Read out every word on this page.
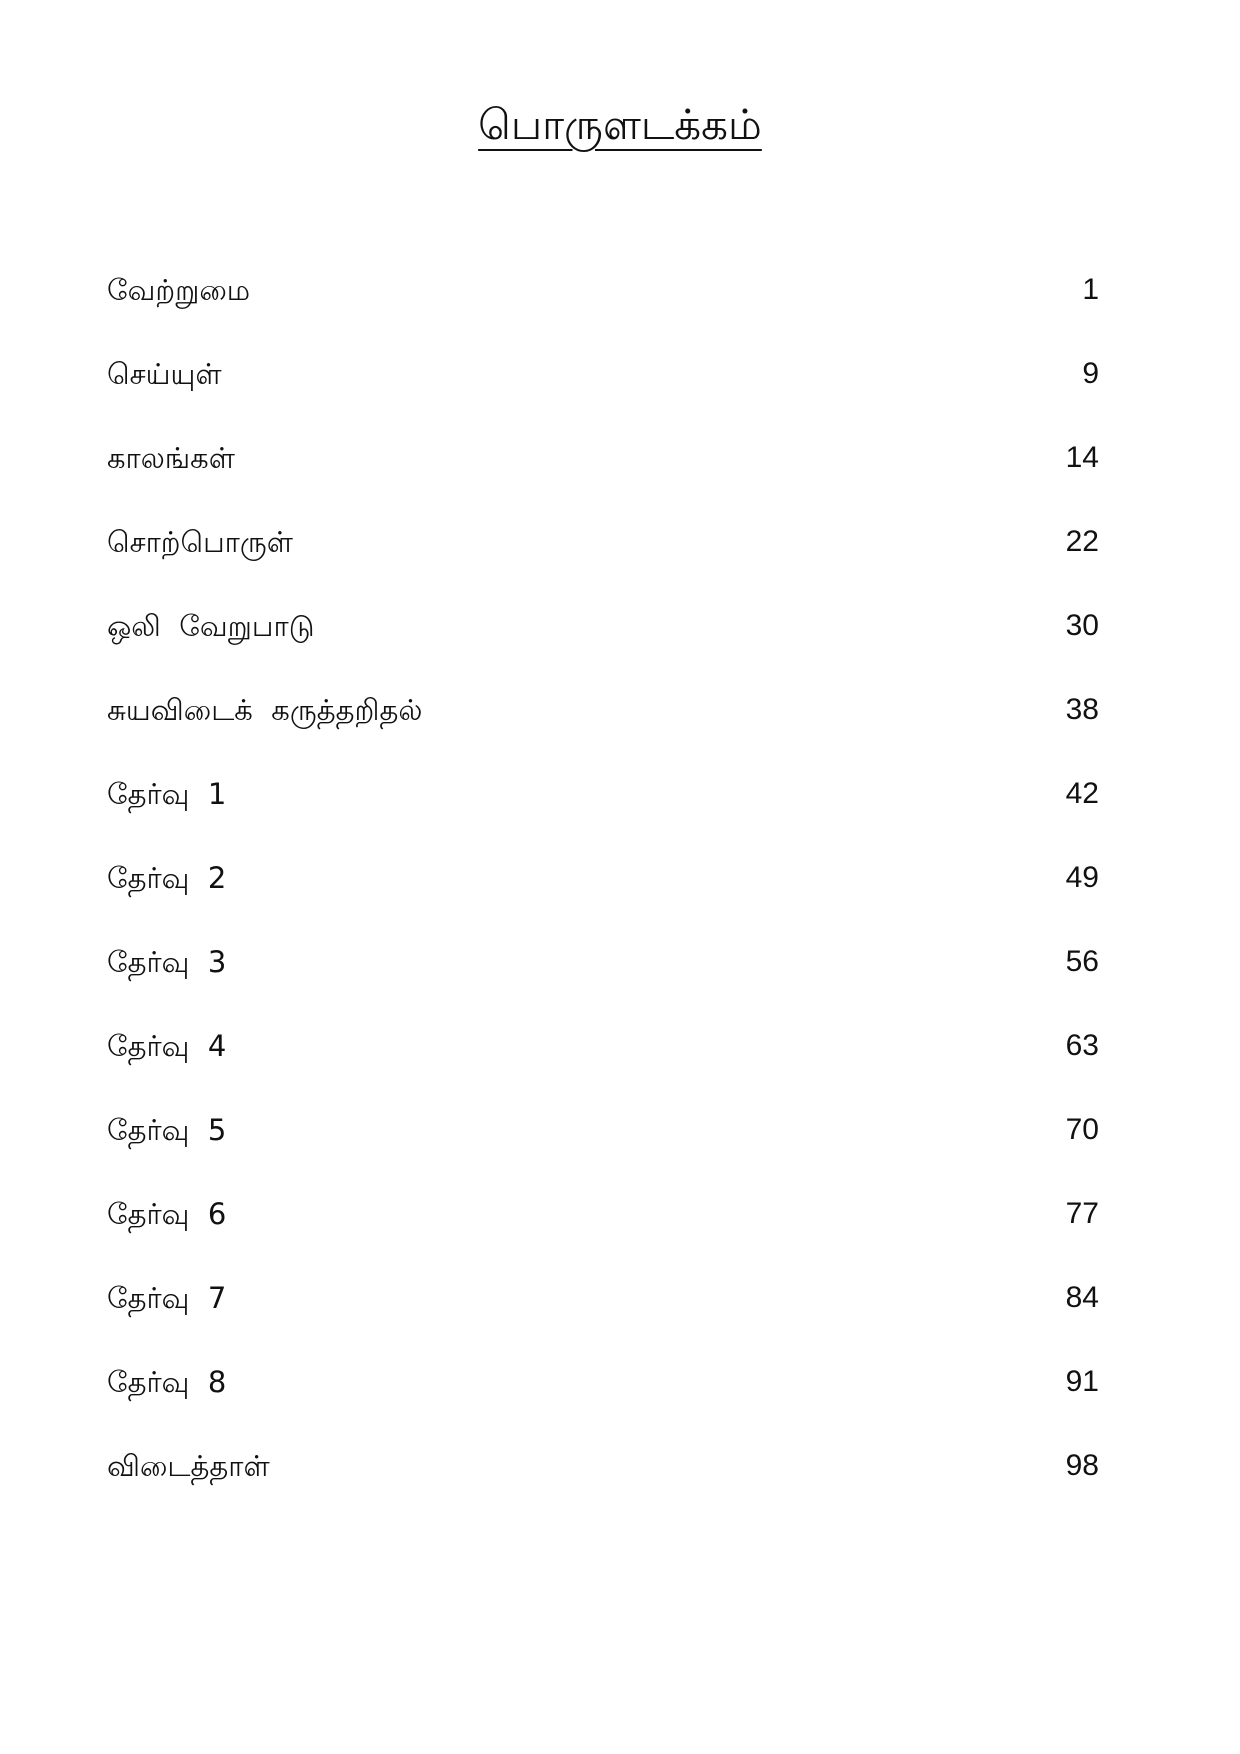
பொருளடக்கம்
வேற்றுமை	1
செய்யுள்	9
காலங்கள்	14
சொற்பொருள்	22
ஒலி  வேறுபாடு	30
சுயவிடைக்  கருத்தறிதல்	38
தேர்வு  1	42
தேர்வு  2	49
தேர்வு  3	56
தேர்வு  4	63
தேர்வு  5	70
தேர்வு  6	77
தேர்வு  7	84
தேர்வு  8	91
விடைத்தாள்	98
